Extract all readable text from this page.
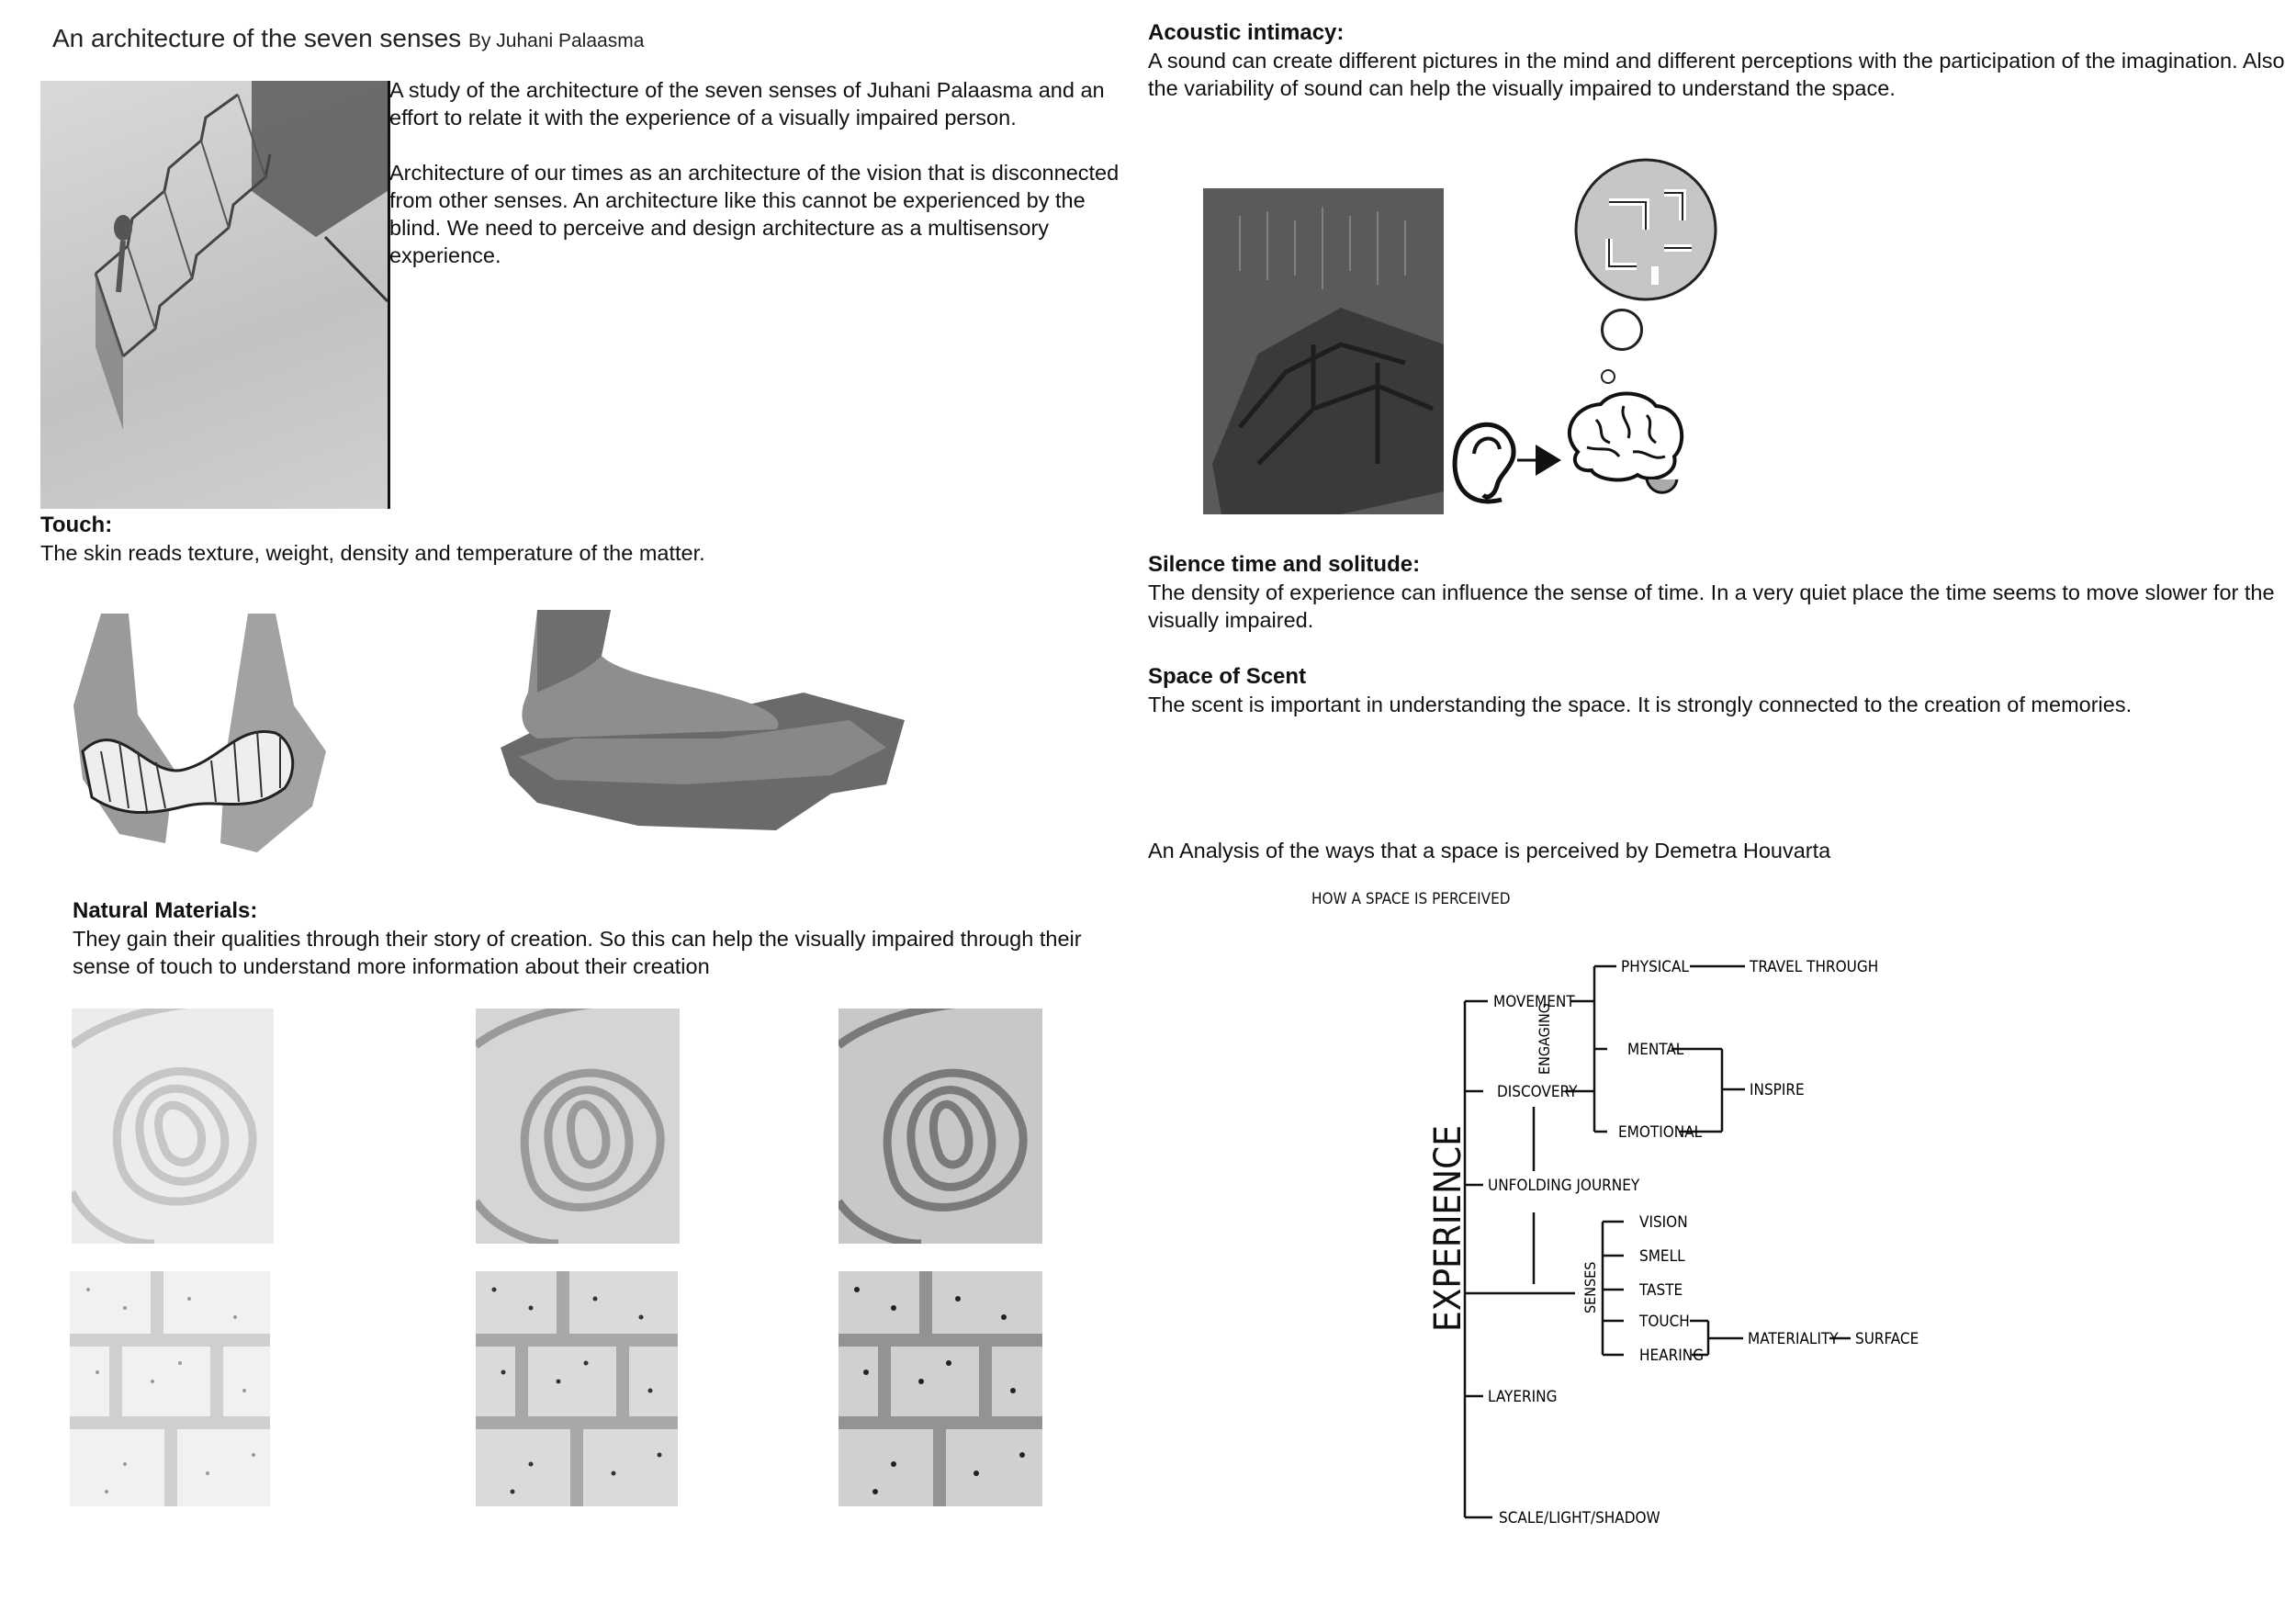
An architecture of the seven senses By Juhani Palaasma

A study of the architecture of the seven senses of Juhani Palaasma and an effort to relate it with the experience of a visually impaired person.

Architecture of our times as an architecture of the vision that is disconnected from other senses. An architecture like this cannot be experienced by the blind. We need to perceive and design architecture as a multisensory experience.

Touch:
The skin reads texture, weight, density and temperature of the matter.
Natural Materials:
They gain their qualities through their story of creation. So this can help the visually impaired through their sense of touch to understand more information about their creation
Acoustic intimacy:
A sound can create different pictures in the mind and different perceptions with the participation of the imagination. Also the variability of sound can help the visually impaired to understand the space.
Silence time and solitude:
The density of experience can influence the sense of time. In a very quiet place the time seems to move slower for the visually impaired.
Space of Scent
The scent is important in understanding the space. It is strongly connected to the creation of memories.
An Analysis of the ways that a space is perceived by Demetra Houvarta
HOW A SPACE IS PERCEIVED
EXPERIENCE
MOVEMENT
ENGAGING
DISCOVERY
PHYSICAL	TRAVEL THROUGH
MENTAL
EMOTIONAL
INSPIRE
UNFOLDING JOURNEY
SENSES
VISION
SMELL
TASTE
TOUCH
HEARING
MATERIALITY SURFACE
LAYERING
SCALE/LIGHT/SHADOW
